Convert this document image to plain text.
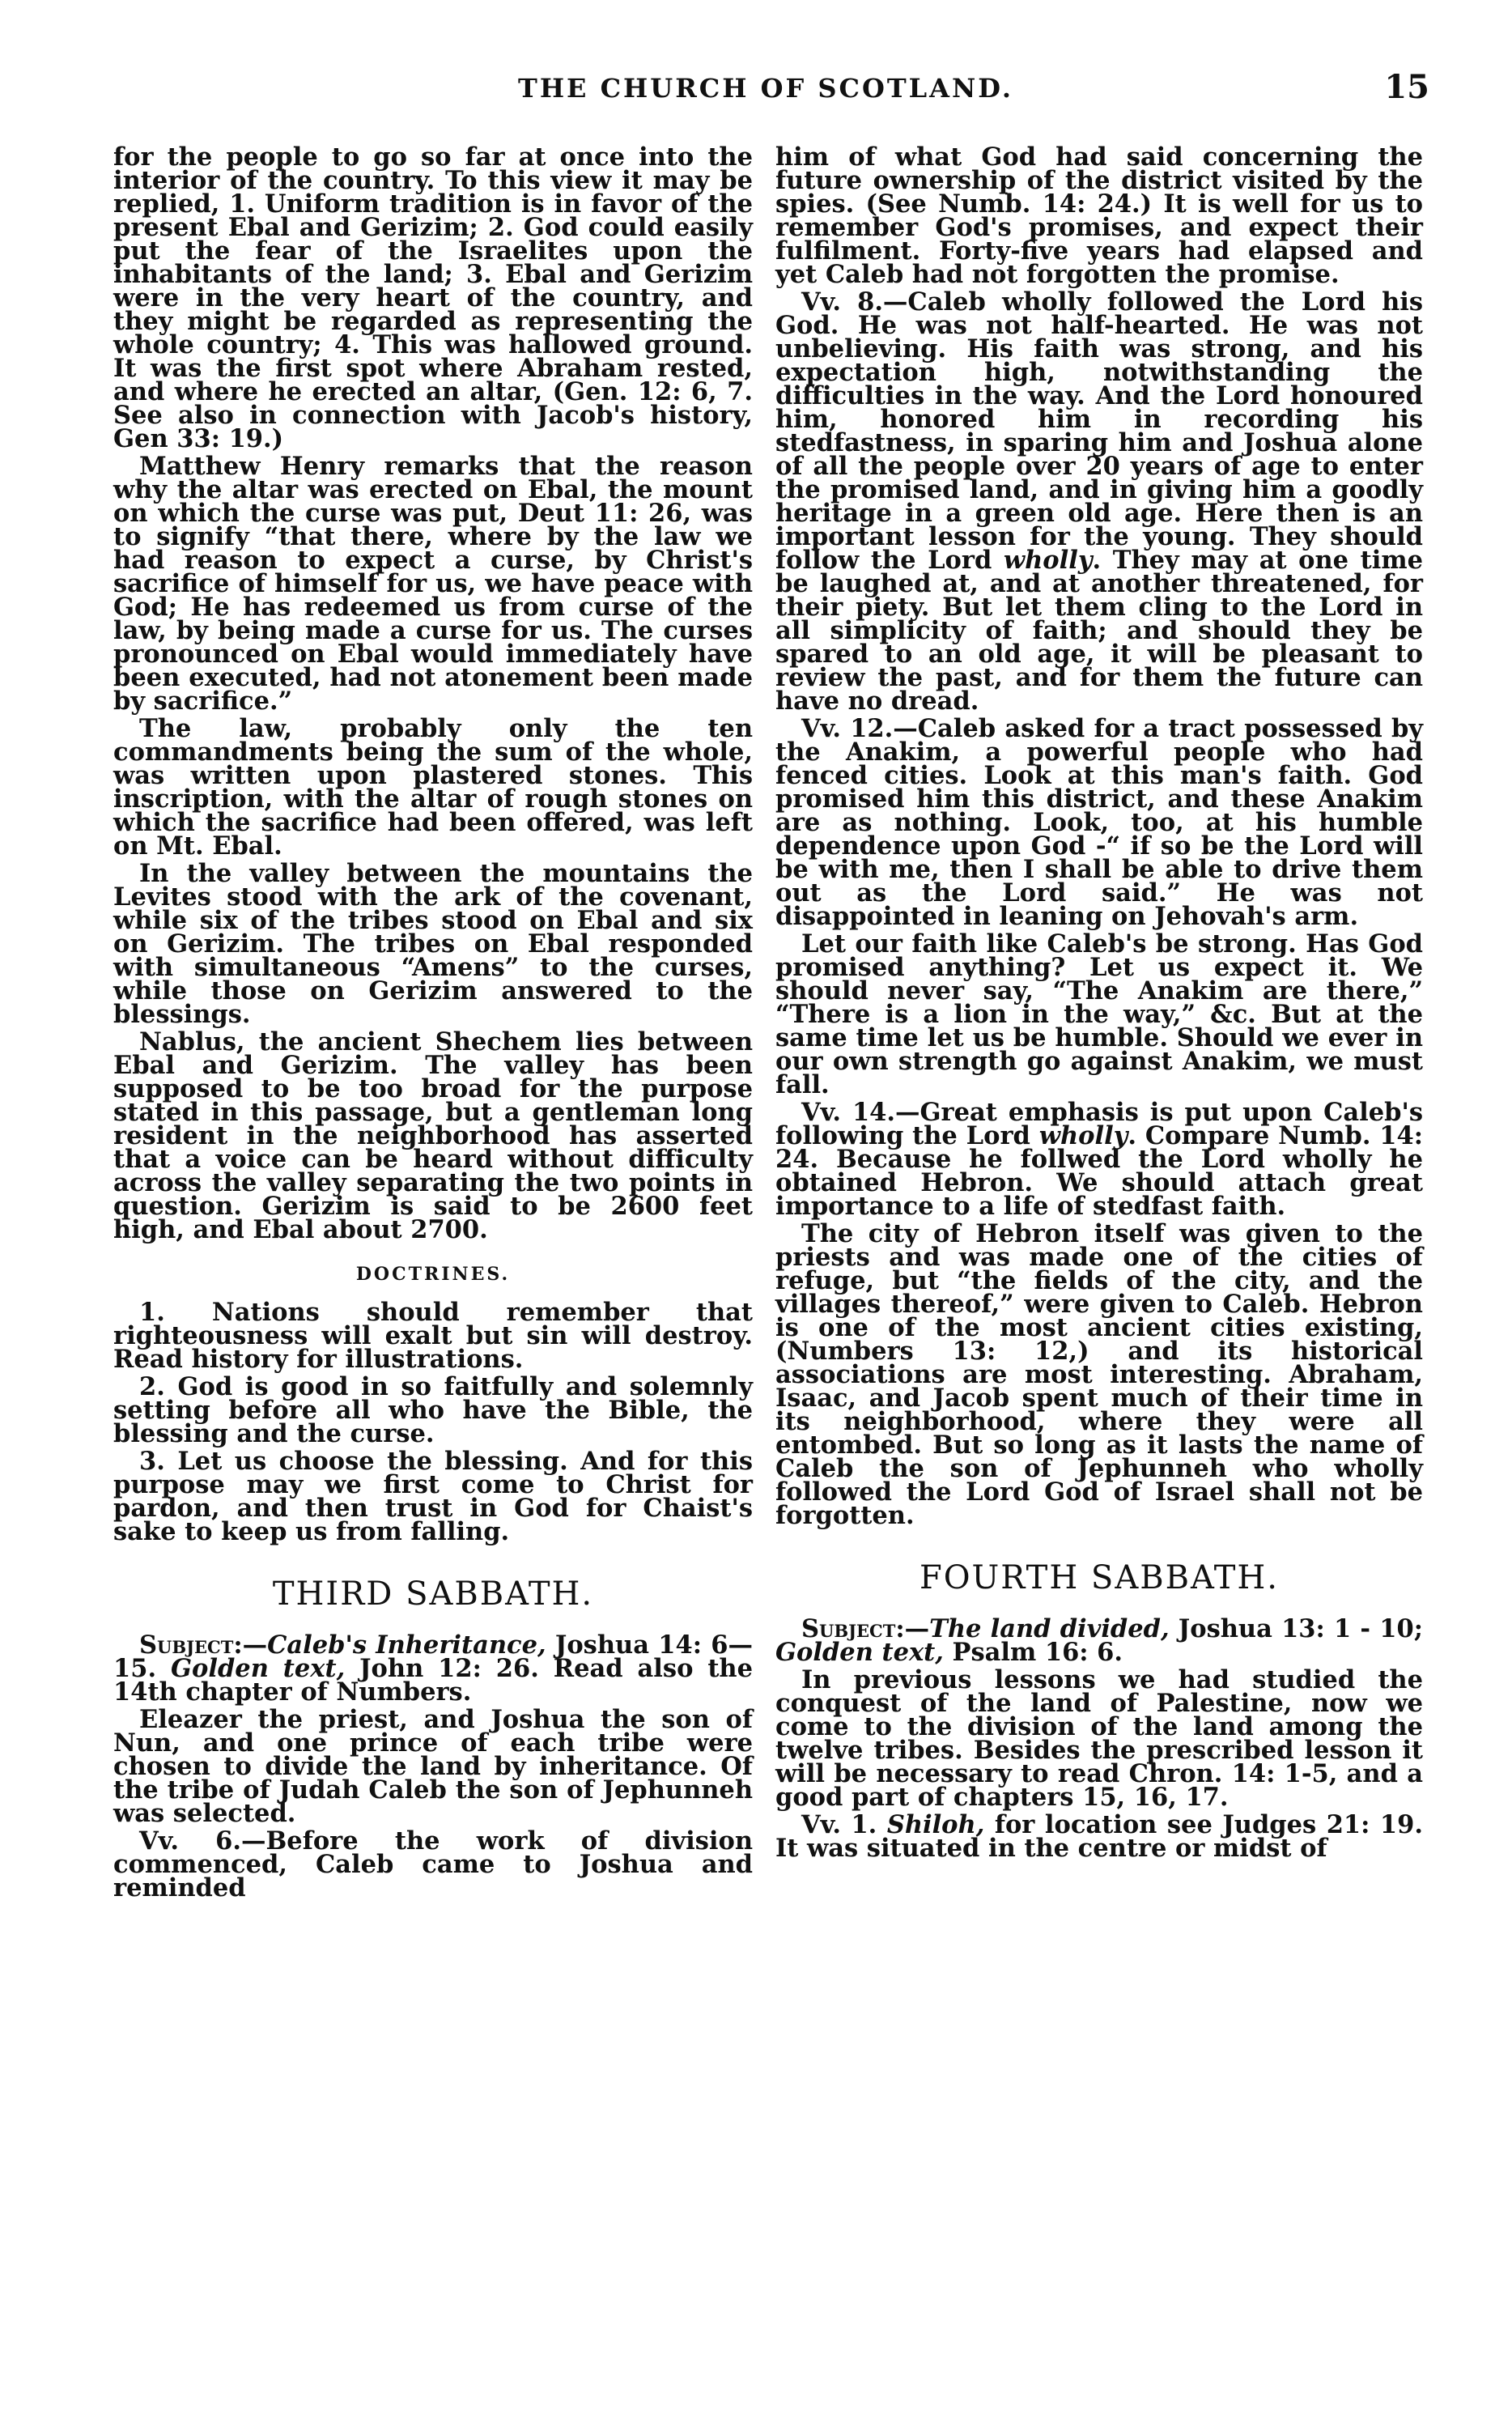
THE CHURCH OF SCOTLAND.	15

for the people to go so far at once into the interior of the country. To this view it may be replied, 1. Uniform tradition is in favor of the present Ebal and Gerizim; 2. God could easily put the fear of the Israelites upon the inhabitants of the land; 3. Ebal and Gerizim were in the very heart of the country, and they might be regarded as representing the whole country; 4. This was hallowed ground. It was the first spot where Abraham rested, and where he erected an altar, (Gen. 12: 6, 7. See also in connection with Jacob's history, Gen 33: 19.)

Matthew Henry remarks that the reason why the altar was erected on Ebal, the mount on which the curse was put, Deut 11: 26, was to signify “that there, where by the law we had reason to expect a curse, by Christ's sacrifice of himself for us, we have peace with God; He has redeemed us from curse of the law, by being made a curse for us. The curses pronounced on Ebal would immediately have been executed, had not atonement been made by sacrifice.”

The law, probably only the ten commandments being the sum of the whole, was written upon plastered stones. This inscription, with the altar of rough stones on which the sacrifice had been offered, was left on Mt. Ebal.

In the valley between the mountains the Levites stood with the ark of the covenant, while six of the tribes stood on Ebal and six on Gerizim. The tribes on Ebal responded with simultaneous “Amens” to the curses, while those on Gerizim answered to the blessings.

Nablus, the ancient Shechem lies between Ebal and Gerizim. The valley has been supposed to be too broad for the purpose stated in this passage, but a gentleman long resident in the neighborhood has asserted that a voice can be heard without difficulty across the valley separating the two points in question. Gerizim is said to be 2600 feet high, and Ebal about 2700.

DOCTRINES.

1. Nations should remember that righteousness will exalt but sin will destroy. Read history for illustrations.

2. God is good in so faitfully and solemnly setting before all who have the Bible, the blessing and the curse.

3. Let us choose the blessing. And for this purpose may we first come to Christ for pardon, and then trust in God for Chaist's sake to keep us from falling.

THIRD SABBATH.

Subject:—Caleb's Inheritance, Joshua 14: 6—15. Golden text, John 12: 26. Read also the 14th chapter of Numbers.

Eleazer the priest, and Joshua the son of Nun, and one prince of each tribe were chosen to divide the land by inheritance. Of the tribe of Judah Caleb the son of Jephunneh was selected.

Vv. 6.—Before the work of division commenced, Caleb came to Joshua and reminded

him of what God had said concerning the future ownership of the district visited by the spies. (See Numb. 14: 24.) It is well for us to remember God's promises, and expect their fulfilment. Forty-five years had elapsed and yet Caleb had not forgotten the promise.

Vv. 8.—Caleb wholly followed the Lord his God. He was not half-hearted. He was not unbelieving. His faith was strong, and his expectation high, notwithstanding the difficulties in the way. And the Lord honoured him, honored him in recording his stedfastness, in sparing him and Joshua alone of all the people over 20 years of age to enter the promised land, and in giving him a goodly heritage in a green old age. Here then is an important lesson for the young. They should follow the Lord wholly. They may at one time be laughed at, and at another threatened, for their piety. But let them cling to the Lord in all simplicity of faith; and should they be spared to an old age, it will be pleasant to review the past, and for them the future can have no dread.

Vv. 12.—Caleb asked for a tract possessed by the Anakim, a powerful people who had fenced cities. Look at this man's faith. God promised him this district, and these Anakim are as nothing. Look, too, at his humble dependence upon God -“ if so be the Lord will be with me, then I shall be able to drive them out as the Lord said.” He was not disappointed in leaning on Jehovah's arm.

Let our faith like Caleb's be strong. Has God promised anything? Let us expect it. We should never say, “The Anakim are there,” “There is a lion in the way,” &c. But at the same time let us be humble. Should we ever in our own strength go against Anakim, we must fall.

Vv. 14.—Great emphasis is put upon Caleb's following the Lord wholly. Compare Numb. 14: 24. Because he follwed the Lord wholly he obtained Hebron. We should attach great importance to a life of stedfast faith.

The city of Hebron itself was given to the priests and was made one of the cities of refuge, but “the fields of the city, and the villages thereof,” were given to Caleb. Hebron is one of the most ancient cities existing, (Numbers 13: 12,) and its historical associations are most interesting. Abraham, Isaac, and Jacob spent much of their time in its neighborhood, where they were all entombed. But so long as it lasts the name of Caleb the son of Jephunneh who wholly followed the Lord God of Israel shall not be forgotten.

FOURTH SABBATH.

Subject:—The land divided, Joshua 13: 1 - 10; Golden text, Psalm 16: 6.

In previous lessons we had studied the conquest of the land of Palestine, now we come to the division of the land among the twelve tribes. Besides the prescribed lesson it will be necessary to read Chron. 14: 1-5, and a good part of chapters 15, 16, 17.

Vv. 1. Shiloh, for location see Judges 21: 19. It was situated in the centre or midst of
